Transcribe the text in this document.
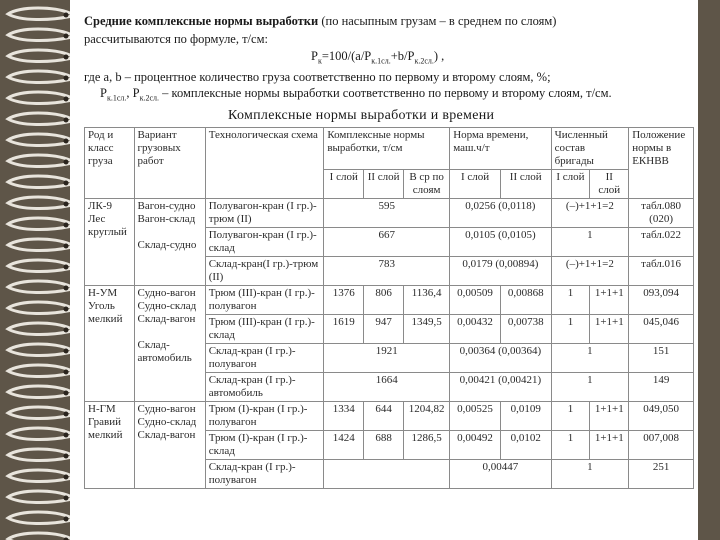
Средние комплексные нормы выработки (по насыпным грузам – в среднем по слоям)
рассчитываются по формуле, т/см:
$P_к=100/(a/P_{к.1сл.}+b/P_{к.2сл.})$ ,
где a, b – процентное количество груза соответственно по первому и второму слоям, %;
$P_{к.1сл.}$, $P_{к.2сл.}$ – комплексные нормы выработки соответственно по первому и второму слоям, т/см.
Комплексные нормы выработки и времени
Род и класс груза	Вариант грузовых работ	Технологическая схема	Комплексные нормы выработки, т/см			Норма времени, маш.ч/т		Численный состав бригады		Положение нормы в ЕКНВВ
			I слой	II слой	В ср по слоям	I слой	II слой	I слой	II слой	
ЛК-9 Лес круглый	Вагон-судно
Вагон-склад
Склад-судно	Полувагон-кран (I гр.)-трюм (II)	595			0,0256 (0,0118)		(–)+1+1=2		табл.080 (020)
		Полувагон-кран (I гр.)-склад	667			0,0105 (0,0105)		1		табл.022
		Склад-кран(I гр.)-трюм (II)	783			0,0179 (0,00894)		(–)+1+1=2		табл.016
Н-УМ Уголь мелкий	Судно-вагон
Судно-склад
Склад-вагон
Склад-автомобиль	Трюм (III)-кран (I гр.)-полувагон	1376	806	1136,4	0,00509	0,00868	1	1+1+1	093,094
		Трюм (III)-кран (I гр.)-склад	1619	947	1349,5	0,00432	0,00738	1	1+1+1	045,046
		Склад-кран (I гр.)-полувагон	1921			0,00364 (0,00364)		1		151
		Склад-кран (I гр.)-автомобиль	1664			0,00421 (0,00421)		1		149
Н-ГМ Гравий мелкий	Судно-вагон
Судно-склад
Склад-вагон	Трюм (I)-кран (I гр.)-полувагон	1334	644	1204,82	0,00525	0,0109	1	1+1+1	049,050
		Трюм (I)-кран (I гр.)-склад	1424	688	1286,5	0,00492	0,0102	1	1+1+1	007,008
		Склад-кран (I гр.)-полувагон				0,00447		1		251
